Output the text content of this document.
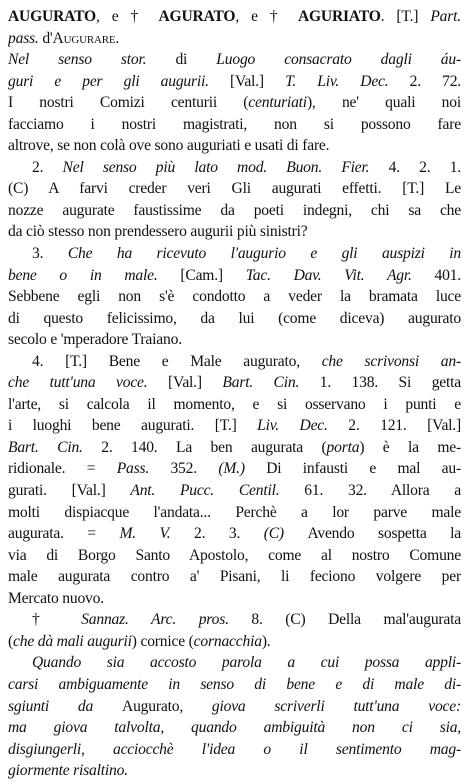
AUGURATO, e † AGURATO, e † AGURIATO. [T.] Part.
pass. d'Augurare.
Nel senso stor. di Luogo consacrato dagli áu-
guri e per gli augurii. [Val.] T. Liv. Dec. 2. 72.
I nostri Comizi centurii (centuriati), ne' quali noi
facciamo i nostri magistrati, non si possono fare
altrove, se non colà ove sono auguriati e usati di fare.
2. Nel senso più lato mod. Buon. Fier. 4. 2. 1.
(C) A farvi creder veri Gli augurati effetti. [T.] Le
nozze augurate faustissime da poeti indegni, chi sa che
da ciò stesso non prendessero augurii più sinistri?
3. Che ha ricevuto l'augurio e gli auspizi in
bene o in male. [Cam.] Tac. Dav. Vit. Agr. 401.
Sebbene egli non s'è condotto a veder la bramata luce
di questo felicissimo, da lui (come diceva) augurato
secolo e 'mperadore Traiano.
4. [T.] Bene e Male augurato, che scrivonsi an-
che tutt'una voce. [Val.] Bart. Cin. 1. 138. Si getta
l'arte, si calcola il momento, e si osservano i punti e
i luoghi bene augurati. [T.] Liv. Dec. 2. 121. [Val.]
Bart. Cin. 2. 140. La ben augurata (porta) è la me-
ridionale. = Pass. 352. (M.) Di infausti e mal au-
gurati. [Val.] Ant. Pucc. Centil. 61. 32. Allora a
molti dispiacque l'andata... Perchè a lor parve male
augurata. = M. V. 2. 3. (C) Avendo sospetta la
via di Borgo Santo Apostolo, come al nostro Comune
male augurata contro a' Pisani, li feciono volgere per
Mercato nuovo.
† Sannaz. Arc. pros. 8. (C) Della mal'augurata
(che dà mali augurii) cornice (cornacchia).
Quando sia accosto parola a cui possa appli-
carsi ambiguamente in senso di bene e di male di-
sgiunti da Augurato, giova scriverli tutt'una voce:
ma giova talvolta, quando ambiguità non ci sia,
disgiungerli, acciocchè l'idea o il sentimento mag-
giormente risaltino.
